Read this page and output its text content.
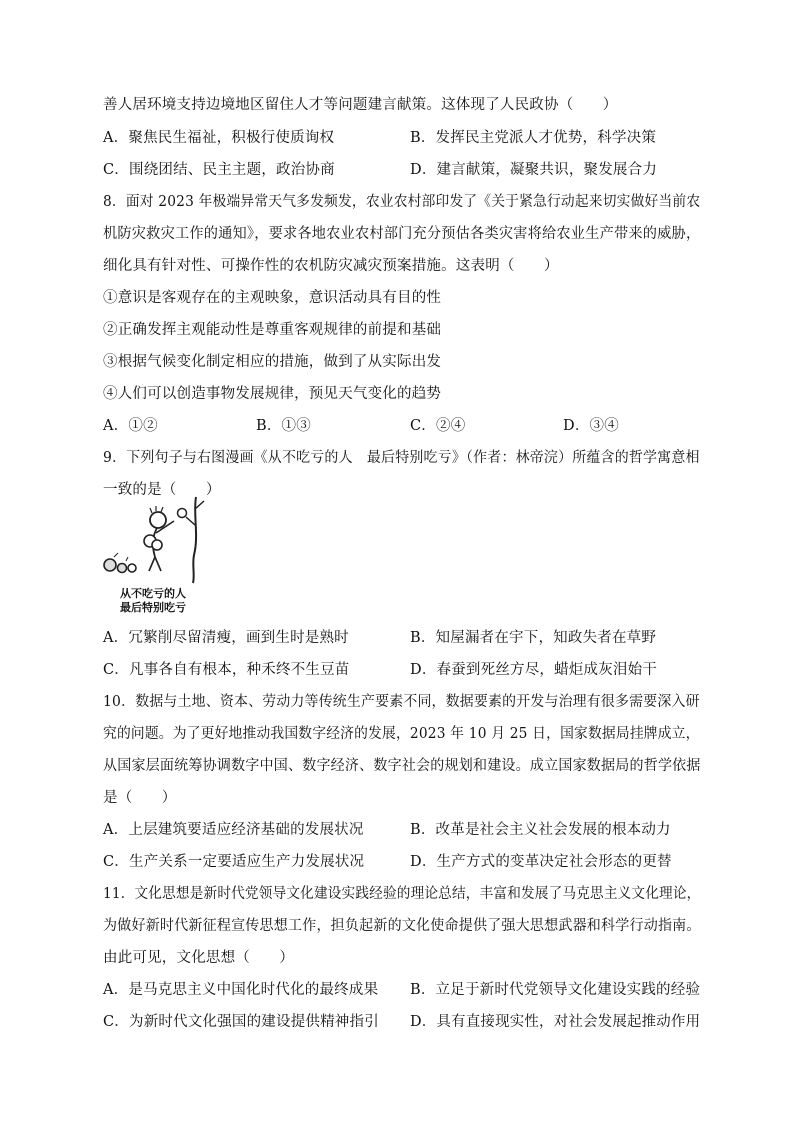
善人居环境支持边境地区留住人才等问题建言献策。这体现了人民政协（　　）
A．聚焦民生福祉，积极行使质询权	B．发挥民主党派人才优势，科学决策
C．围绕团结、民主主题，政治协商	D．建言献策，凝聚共识，聚发展合力
8．面对 2023 年极端异常天气多发频发，农业农村部印发了《关于紧急行动起来切实做好当前农
机防灾救灾工作的通知》，要求各地农业农村部门充分预估各类灾害将给农业生产带来的威胁，
细化具有针对性、可操作性的农机防灾减灾预案措施。这表明（　　）
①意识是客观存在的主观映象，意识活动具有目的性
②正确发挥主观能动性是尊重客观规律的前提和基础
③根据气候变化制定相应的措施，做到了从实际出发
④人们可以创造事物发展规律，预见天气变化的趋势
A．①②	B．①③	C．②④	D．③④
9．下列句子与右图漫画《从不吃亏的人　最后特别吃亏》（作者：林帝浣）所蕴含的哲学寓意相
一致的是（　　）
从不吃亏的人
最后特别吃亏
A．冗繁削尽留清瘦，画到生时是熟时	B．知屋漏者在宇下，知政失者在草野
C．凡事各自有根本，种禾终不生豆苗	D．春蚕到死丝方尽，蜡炬成灰泪始干
10．数据与土地、资本、劳动力等传统生产要素不同，数据要素的开发与治理有很多需要深入研
究的问题。为了更好地推动我国数字经济的发展，2023 年 10 月 25 日，国家数据局挂牌成立，
从国家层面统筹协调数字中国、数字经济、数字社会的规划和建设。成立国家数据局的哲学依据
是（　　）
A．上层建筑要适应经济基础的发展状况	B．改革是社会主义社会发展的根本动力
C．生产关系一定要适应生产力发展状况	D．生产方式的变革决定社会形态的更替
11．文化思想是新时代党领导文化建设实践经验的理论总结，丰富和发展了马克思主义文化理论，
为做好新时代新征程宣传思想工作，担负起新的文化使命提供了强大思想武器和科学行动指南。
由此可见，文化思想（　　）
A．是马克思主义中国化时代化的最终成果 B．立足于新时代党领导文化建设实践的经验
C．为新时代文化强国的建设提供精神指引 D．具有直接现实性，对社会发展起推动作用
